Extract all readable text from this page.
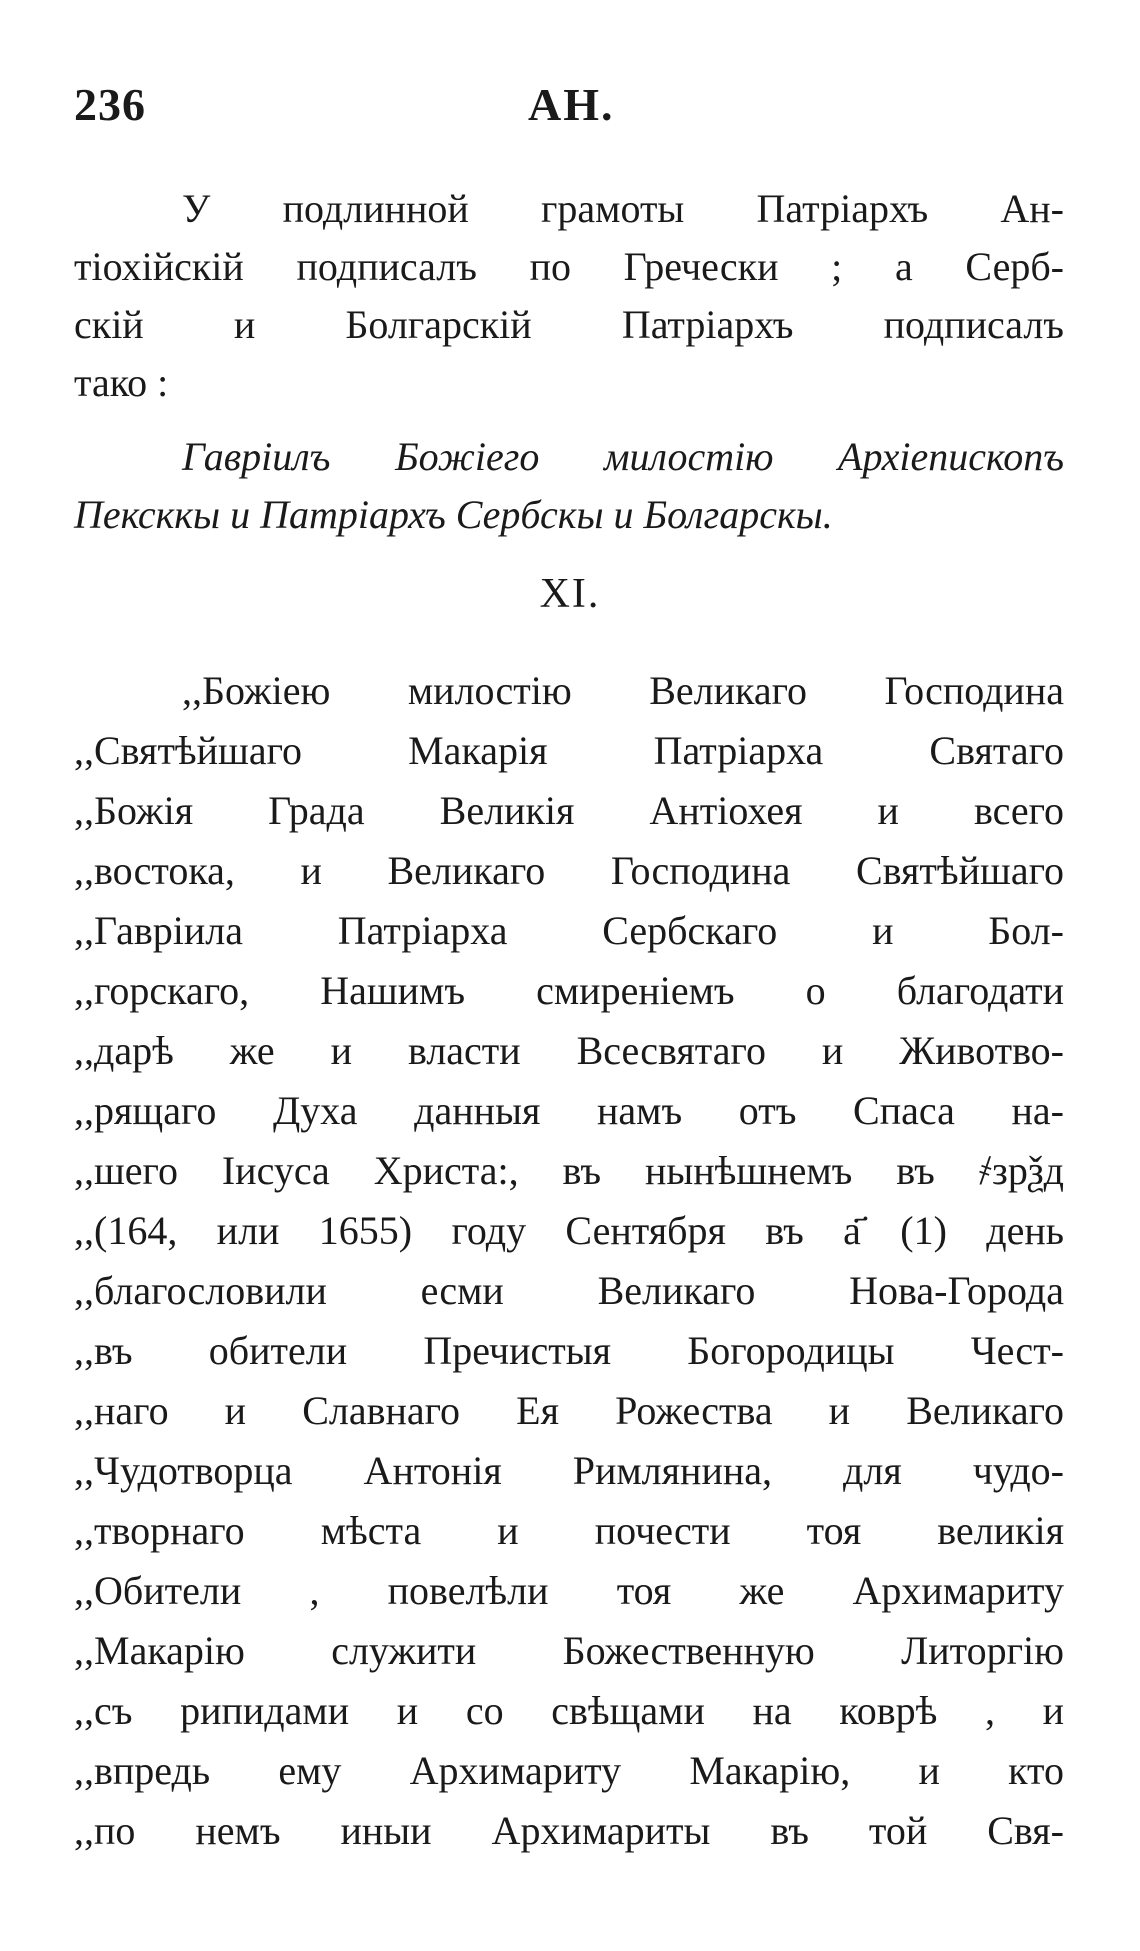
236	АН.
У подлинной грамоты Патріархъ Ан-
тіохійскій подписалъ по Гречески ; а Серб-
скій и Болгарскій Патріархъ подписалъ
тако :
Гаврiилъ Божiего милостiю Архiепископъ
Пексккы и Патрiархъ Сербскы и Болгарскы.
XI.
,,Божіею милостію Великаго Господина
,,Святѣйшаго Макарія Патріарха Святаго
,,Божія Града Великія Антіохея и всего
,,востока, и Великаго Господина Святѣйшаго
,,Гавріила Патріарха Сербскаго и Бол-
,,горскаго, Нашимъ смиреніемъ о благодати
,,дарѣ же и власти Всесвятаго и Животво-
,,рящаго Духа данныя намъ отъ Спаса на-
,,шего Іисуса Христа:, въ нынѣшнемъ въ ҂зрѯд
,,(164, или 1655) году Сентября въ а҃ (1) день
,,благословили есми Великаго Нова-Города
,,въ обители Пречистыя Богородицы Чест-
,,наго и Славнаго Ея Рожества и Великаго
,,Чудотворца Антонія Римлянина, для чудо-
,,творнаго мѣста и почести тоя великія
,,Обители , повелѣли тоя же Архимариту
,,Макарію служити Божественную Литоргію
,,съ рипидами и со свѣщами на коврѣ , и
,,впредь ему Архимариту Макарію, и кто
,,по немъ иныи Архимариты въ той Свя-
